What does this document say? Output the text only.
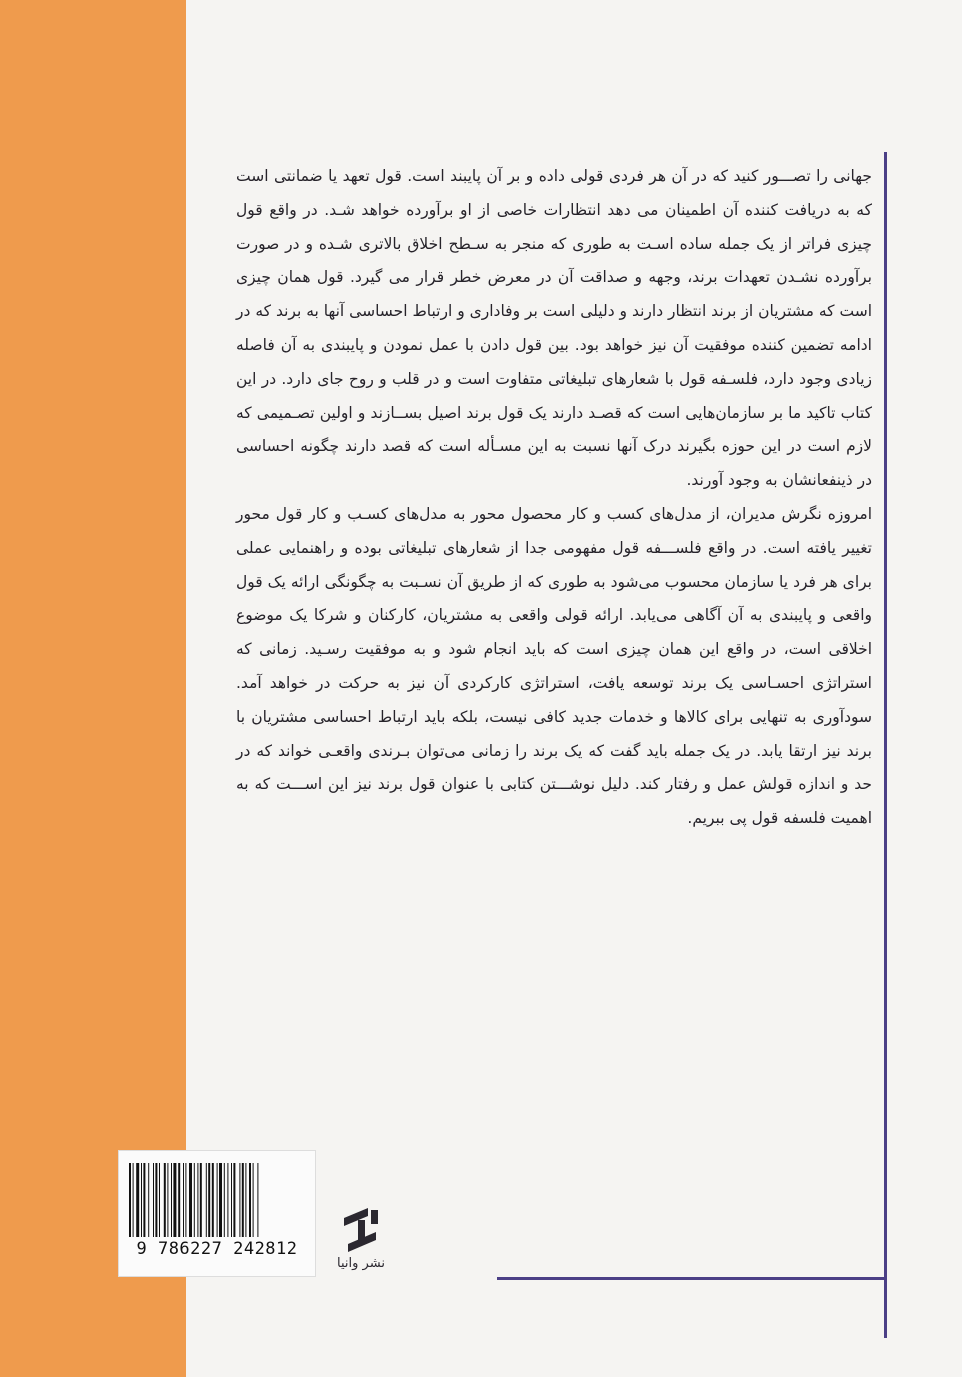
جهانی را تصـــور کنید که در آن هر فردی قولی داده و بر آن پایبند است. قول تعهد یا ضمانتی است که به دریافت کننده آن اطمینان می دهد انتظارات خاصی از او برآورده خواهد شـد. در واقع قول چیزی فراتر از یک جمله ساده اسـت به طوری که منجر به سـطح اخلاق بالاتری شـده و در صورت برآورده نشـدن تعهدات برند، وجهه و صداقت آن در معرض خطر قرار می گیرد. قول همان چیزی است که مشتریان از برند انتظار دارند و دلیلی است بر وفاداری و ارتباط احساسی آنها به برند که در ادامه تضمین کننده موفقیت آن نیز خواهد بود. بین قول دادن با عمل نمودن و پایبندی به آن فاصله زیادی وجود دارد، فلسـفه قول با شعارهای تبلیغاتی متفاوت است و در قلب و روح جای دارد. در این کتاب تاکید ما بر سازمان‌هایی است که قصـد دارند یک قول برند اصیل بســازند و اولین تصـمیمی که لازم است در این حوزه بگیرند درک آنها نسبت به این مسـأله است که قصد دارند چگونه احساسی در ذینفعانشان به وجود آورند.

امروزه نگرش مدیران، از مدل‌های کسب و کار محصول محور به مدل‌های کسـب و کار قول محور تغییر یافته است. در واقع فلســـفه قول مفهومی جدا از شعارهای تبلیغاتی بوده و راهنمایی عملی برای هر فرد یا سازمان محسوب می‌شود به طوری که از طریق آن نسـبت به چگونگی ارائه یک قول واقعی و پایبندی به آن آگاهی می‌یابد. ارائه قولی واقعی به مشتریان، کارکنان و شرکا یک موضوع اخلاقی است، در واقع این همان چیزی است که باید انجام شود و به موفقیت رسـید. زمانی که استراتژی احسـاسی یک برند توسعه یافت، استراتژی کارکردی آن نیز به حرکت در خواهد آمد. سودآوری به تنهایی برای کالاها و خدمات جدید کافی نیست، بلکه باید ارتباط احساسی مشتریان با برند نیز ارتقا یابد. در یک جمله باید گفت که یک برند را زمانی می‌توان بـرندی واقعـی خواند که در حد و اندازه قولش عمل و رفتار کند. دلیل نوشـــتن کتابی با عنوان قول برند نیز این اســـت که به اهمیت فلسفه قول پی ببریم.

9 786227 242812
نشر وانیا
